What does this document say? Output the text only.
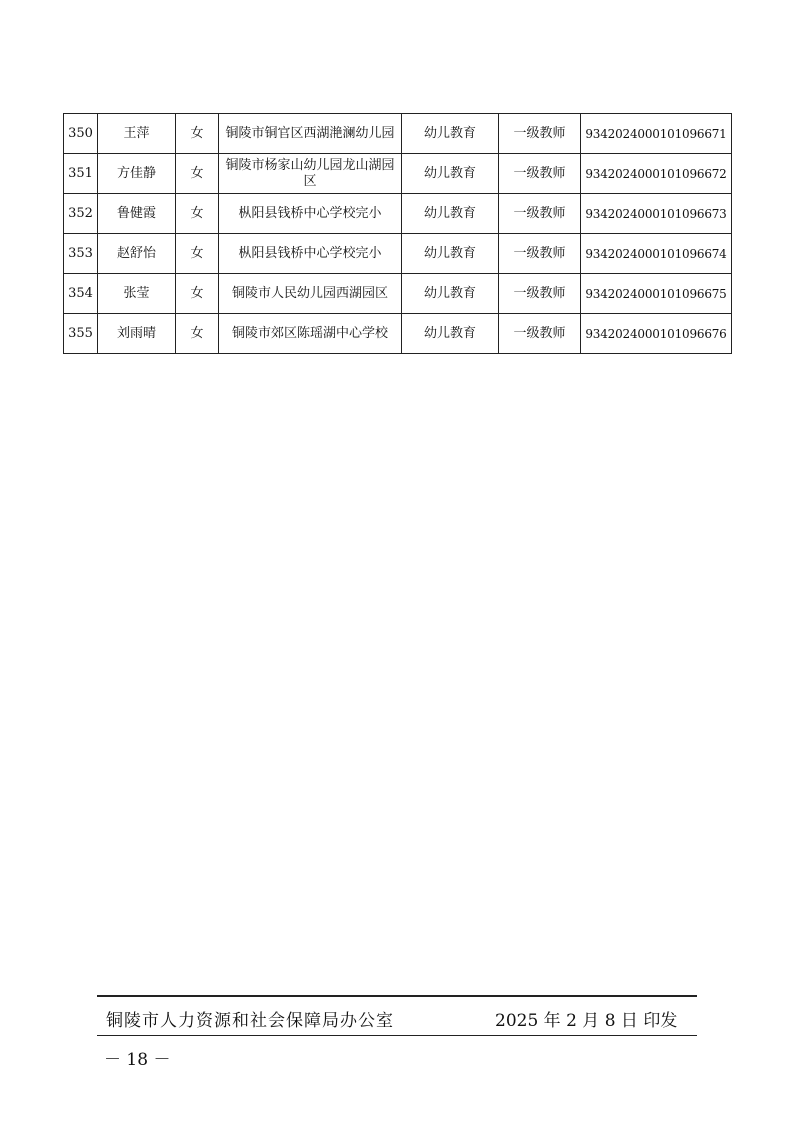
350	王萍	女	铜陵市铜官区西湖滟澜幼儿园	幼儿教育	一级教师	9342024000101096671
351	方佳静	女	铜陵市杨家山幼儿园龙山湖园区	幼儿教育	一级教师	9342024000101096672
352	鲁健霞	女	枞阳县钱桥中心学校完小	幼儿教育	一级教师	9342024000101096673
353	赵舒怡	女	枞阳县钱桥中心学校完小	幼儿教育	一级教师	9342024000101096674
354	张莹	女	铜陵市人民幼儿园西湖园区	幼儿教育	一级教师	9342024000101096675
355	刘雨晴	女	铜陵市郊区陈瑶湖中心学校	幼儿教育	一级教师	9342024000101096676
铜陵市人力资源和社会保障局办公室	2025 年 2 月 8 日 印发
－ 18 －
